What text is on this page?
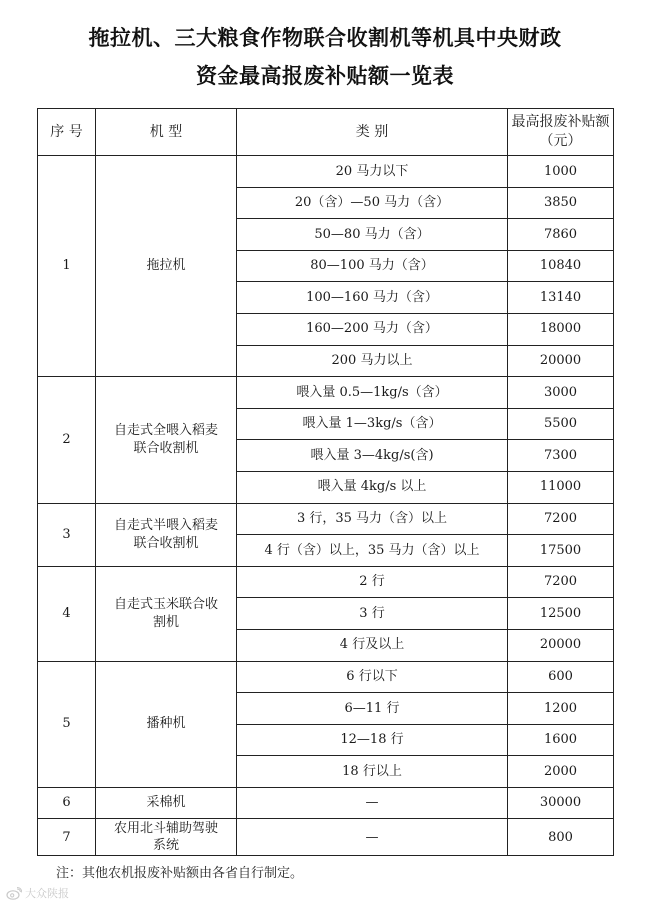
拖拉机、三大粮食作物联合收割机等机具中央财政
资金最高报废补贴额一览表
序 号	机 型	类 别	最高报废补贴额（元）
1	拖拉机	20 马力以下	1000
		20（含）—50 马力（含）	3850
		50—80 马力（含）	7860
		80—100 马力（含）	10840
		100—160 马力（含）	13140
		160—200 马力（含）	18000
		200 马力以上	20000
2	自走式全喂入稻麦联合收割机	喂入量 0.5—1kg/s（含）	3000
		喂入量 1—3kg/s（含）	5500
		喂入量 3—4kg/s(含)	7300
		喂入量 4kg/s 以上	11000
3	自走式半喂入稻麦联合收割机	3 行，35 马力（含）以上	7200
		4 行（含）以上，35 马力（含）以上	17500
4	自走式玉米联合收割机	2 行	7200
		3 行	12500
		4 行及以上	20000
5	播种机	6 行以下	600
		6—11 行	1200
		12—18 行	1600
		18 行以上	2000
6	采棉机	—	30000
7	农用北斗辅助驾驶系统	—	800
注：其他农机报废补贴额由各省自行制定。
大众陕报
